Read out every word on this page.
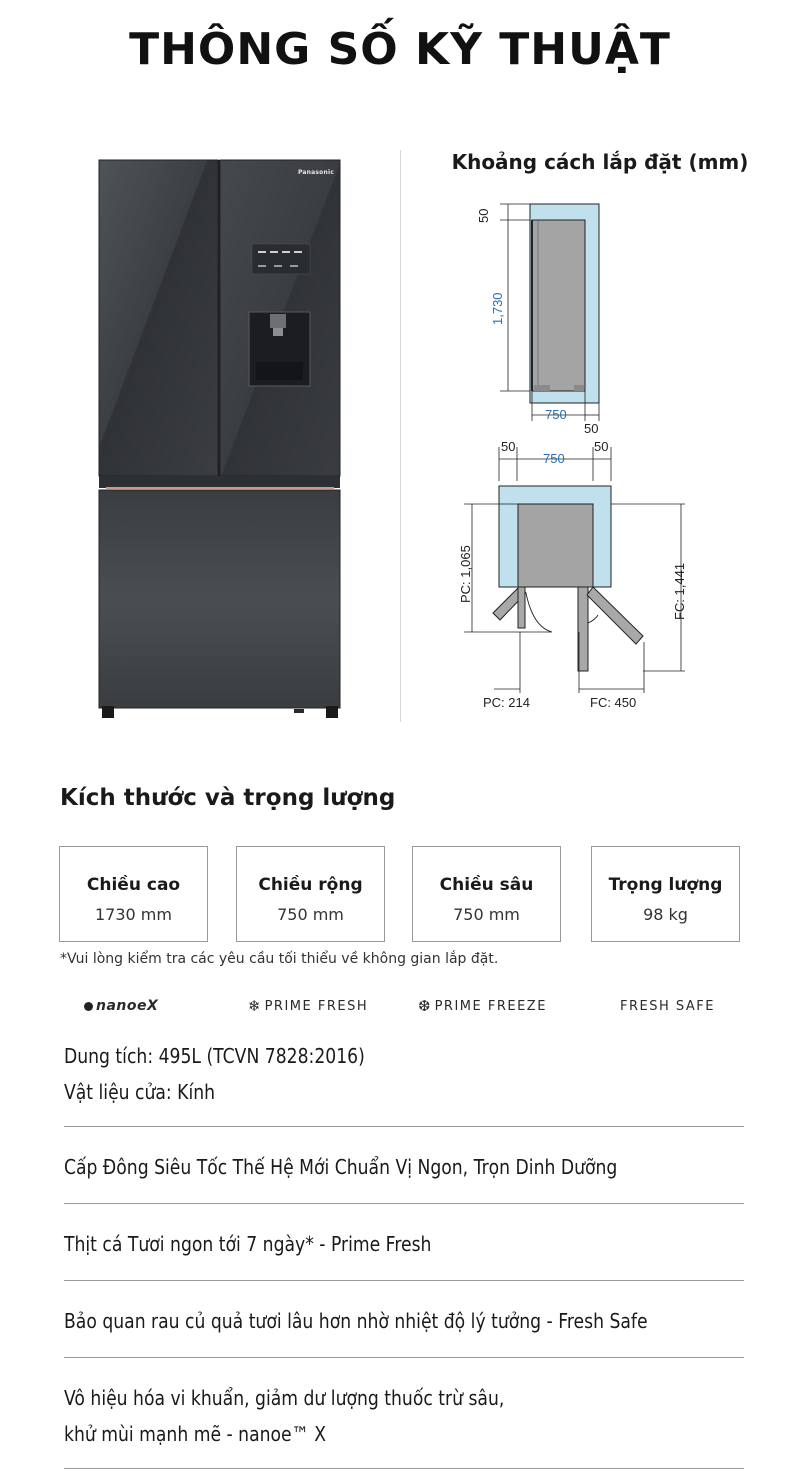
THÔNG SỐ KỸ THUẬT
Panasonic	Khoảng cách lắp đặt (mm)
50
1,730
750
50
50
750
50
PC: 1,065	FC: 1,441
PC: 214	FC: 450
Kích thước và trọng lượng
Chiều cao
1730 mm
Chiều rộng
750 mm
Chiều sâu
750 mm
Trọng lượng
98 kg
*Vui lòng kiểm tra các yêu cầu tối thiểu về không gian lắp đặt.
nanoeX	❄ PRIME FRESH	❆ PRIME FREEZE	FRESH SAFE
Dung tích: 495L (TCVN 7828:2016)
Vật liệu cửa: Kính
Cấp Đông Siêu Tốc Thế Hệ Mới Chuẩn Vị Ngon, Trọn Dinh Dưỡng
Thịt cá Tươi ngon tới 7 ngày* - Prime Fresh
Bảo quan rau củ quả tươi lâu hơn nhờ nhiệt độ lý tưởng - Fresh Safe
Vô hiệu hóa vi khuẩn, giảm dư lượng thuốc trừ sâu,
khử mùi mạnh mẽ - nanoe™ X
